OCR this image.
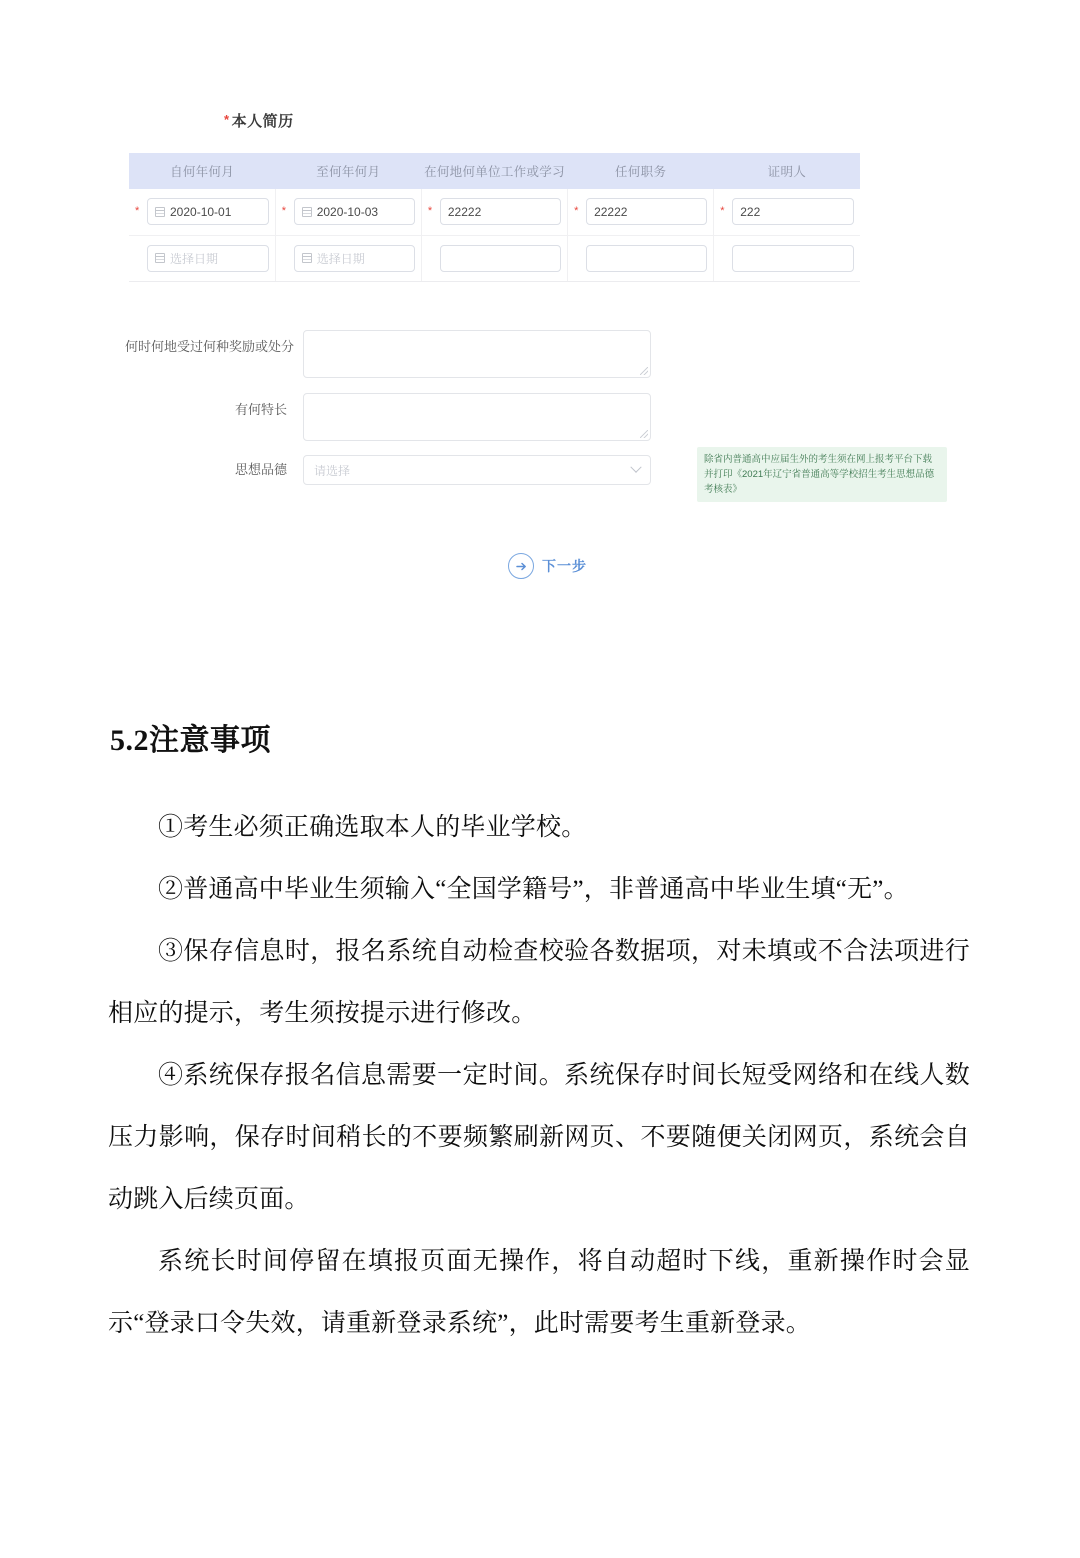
* 本人简历
自何年何月	至何年何月	在何地何单位工作或学习	任何职务	证明人

* 2020-10-01	* 2020-10-03	* 22222	* 22222	* 222

选择日期	选择日期			

何时何地受过何种奖励或处分
有何特长
思想品德	请选择
除省内普通高中应届生外的考生须在网上报考平台下载并打印《2021年辽宁省普通高等学校招生考生思想品德考核表》
下一步
5.2注意事项

①考生必须正确选取本人的毕业学校。

②普通高中毕业生须输入“全国学籍号”，非普通高中毕业生填“无”。

③保存信息时，报名系统自动检查校验各数据项，对未填或不合法项进行相应的提示，考生须按提示进行修改。

④系统保存报名信息需要一定时间。系统保存时间长短受网络和在线人数压力影响，保存时间稍长的不要频繁刷新网页、不要随便关闭网页，系统会自动跳入后续页面。

系统长时间停留在填报页面无操作，将自动超时下线，重新操作时会显示“登录口令失效，请重新登录系统”，此时需要考生重新登录。
